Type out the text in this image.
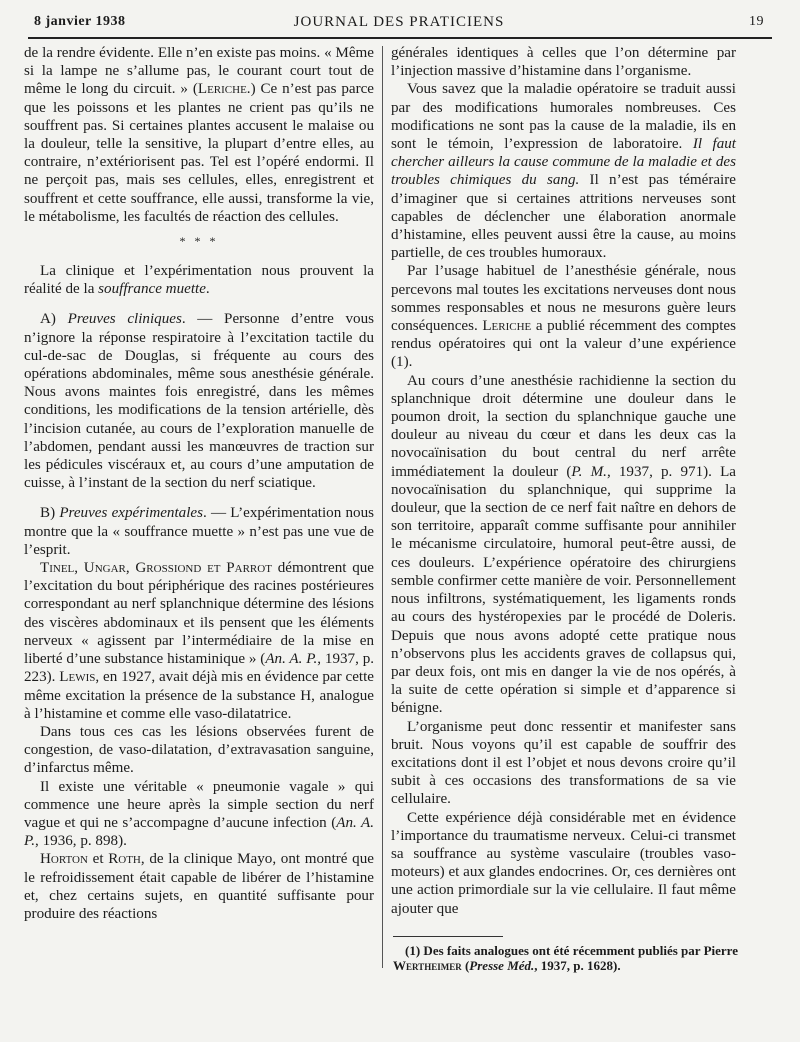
8 janvier 1938	JOURNAL DES PRATICIENS	19

de la rendre évidente. Elle n’en existe pas moins. « Même si la lampe ne s’allume pas, le courant court tout de même le long du circuit. » (Leriche.) Ce n’est pas parce que les poissons et les plantes ne crient pas qu’ils ne souffrent pas. Si certaines plantes accusent le malaise ou la douleur, telle la sensitive, la plupart d’entre elles, au contraire, n’extériorisent pas. Tel est l’opéré endormi. Il ne perçoit pas, mais ses cellules, elles, enregistrent et souffrent et cette souffrance, elle aussi, transforme la vie, le métabolisme, les facultés de réaction des cellules.

* * *

La clinique et l’expérimentation nous prouvent la réalité de la souffrance muette.

A) Preuves cliniques. — Personne d’entre vous n’ignore la réponse respiratoire à l’excitation tactile du cul-de-sac de Douglas, si fréquente au cours des opérations abdominales, même sous anesthésie générale. Nous avons maintes fois enregistré, dans les mêmes conditions, les modifications de la tension artérielle, dès l’incision cutanée, au cours de l’exploration manuelle de l’abdomen, pendant aussi les manœuvres de traction sur les pédicules viscéraux et, au cours d’une amputation de cuisse, à l’instant de la section du nerf sciatique.

B) Preuves expérimentales. — L’expérimentation nous montre que la « souffrance muette » n’est pas une vue de l’esprit.

Tinel, Ungar, Grossiond et Parrot démontrent que l’excitation du bout périphérique des racines postérieures correspondant au nerf splanchnique détermine des lésions des viscères abdominaux et ils pensent que les éléments nerveux « agissent par l’intermédiaire de la mise en liberté d’une substance histaminique » (An. A. P., 1937, p. 223). Lewis, en 1927, avait déjà mis en évidence par cette même excitation la présence de la substance H, analogue à l’histamine et comme elle vaso-dilatatrice.

Dans tous ces cas les lésions observées furent de congestion, de vaso-dilatation, d’extravasation sanguine, d’infarctus même.

Il existe une véritable « pneumonie vagale » qui commence une heure après la simple section du nerf vague et qui ne s’accompagne d’aucune infection (An. A. P., 1936, p. 898).

Horton et Roth, de la clinique Mayo, ont montré que le refroidissement était capable de libérer de l’histamine et, chez certains sujets, en quantité suffisante pour produire des réactions

générales identiques à celles que l’on détermine par l’injection massive d’histamine dans l’organisme.

Vous savez que la maladie opératoire se traduit aussi par des modifications humorales nombreuses. Ces modifications ne sont pas la cause de la maladie, ils en sont le témoin, l’expression de laboratoire. Il faut chercher ailleurs la cause commune de la maladie et des troubles chimiques du sang. Il n’est pas téméraire d’imaginer que si certaines attritions nerveuses sont capables de déclencher une élaboration anormale d’histamine, elles peuvent aussi être la cause, au moins partielle, de ces troubles humoraux.

Par l’usage habituel de l’anesthésie générale, nous percevons mal toutes les excitations nerveuses dont nous sommes responsables et nous ne mesurons guère leurs conséquences. Leriche a publié récemment des comptes rendus opératoires qui ont la valeur d’une expérience (1).

Au cours d’une anesthésie rachidienne la section du splanchnique droit détermine une douleur dans le poumon droit, la section du splanchnique gauche une douleur au niveau du cœur et dans les deux cas la novocaïnisation du bout central du nerf arrête immédiatement la douleur (P. M., 1937, p. 971). La novocaïnisation du splanchnique, qui supprime la douleur, que la section de ce nerf fait naître en dehors de son territoire, apparaît comme suffisante pour annihiler le mécanisme circulatoire, humoral peut-être aussi, de ces douleurs. L’expérience opératoire des chirurgiens semble confirmer cette manière de voir. Personnellement nous infiltrons, systématiquement, les ligaments ronds au cours des hystéropexies par le procédé de Doleris. Depuis que nous avons adopté cette pratique nous n’observons plus les accidents graves de collapsus qui, par deux fois, ont mis en danger la vie de nos opérés, à la suite de cette opération si simple et d’apparence si bénigne.

L’organisme peut donc ressentir et manifester sans bruit. Nous voyons qu’il est capable de souffrir des excitations dont il est l’objet et nous devons croire qu’il subit à ces occasions des transformations de sa vie cellulaire.

Cette expérience déjà considérable met en évidence l’importance du traumatisme nerveux. Celui-ci transmet sa souffrance au système vasculaire (troubles vaso-moteurs) et aux glandes endocrines. Or, ces dernières ont une action primordiale sur la vie cellulaire. Il faut même ajouter que

(1) Des faits analogues ont été récemment publiés par Pierre Wertheimer (Presse Méd., 1937, p. 1628).
